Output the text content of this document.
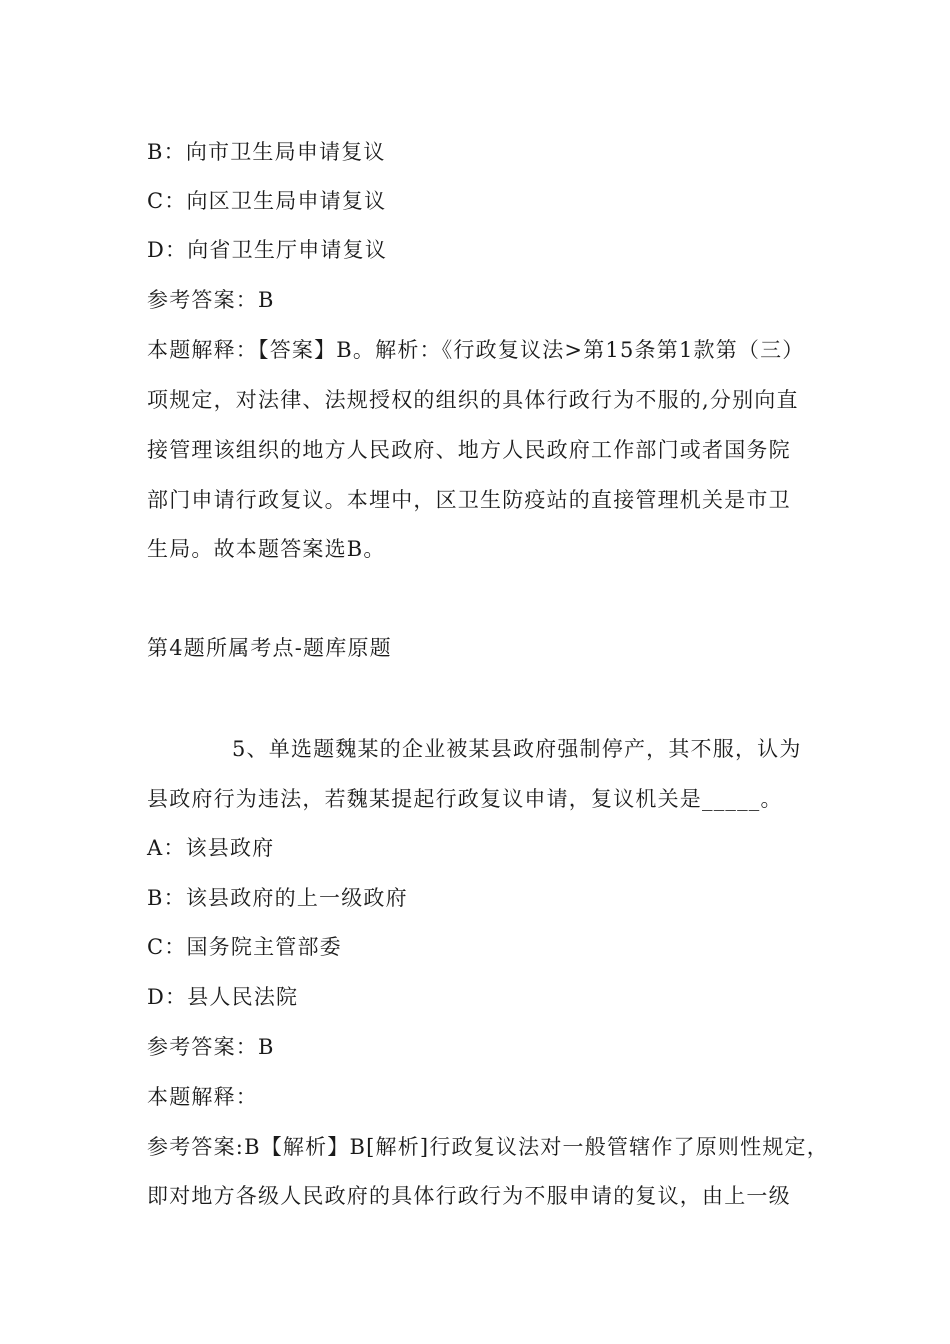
B：向市卫生局申请复议
C：向区卫生局申请复议
D：向省卫生厅申请复议
参考答案：B
本题解释：【答案】B。解析：《行政复议法>第15条第1款第（三）
项规定，对法律、法规授权的组织的具体行政行为不服的,分别向直
接管理该组织的地方人民政府、地方人民政府工作部门或者国务院
部门申请行政复议。本埋中，区卫生防疫站的直接管理机关是市卫
生局。故本题答案选B。
第4题所属考点-题库原题
5、单选题魏某的企业被某县政府强制停产，其不服，认为
县政府行为违法，若魏某提起行政复议申请，复议机关是_____。
A：该县政府
B：该县政府的上一级政府
C：国务院主管部委
D：县人民法院
参考答案：B
本题解释：
参考答案:B【解析】B[解析]行政复议法对一般管辖作了原则性规定，
即对地方各级人民政府的具体行政行为不服申请的复议，由上一级
